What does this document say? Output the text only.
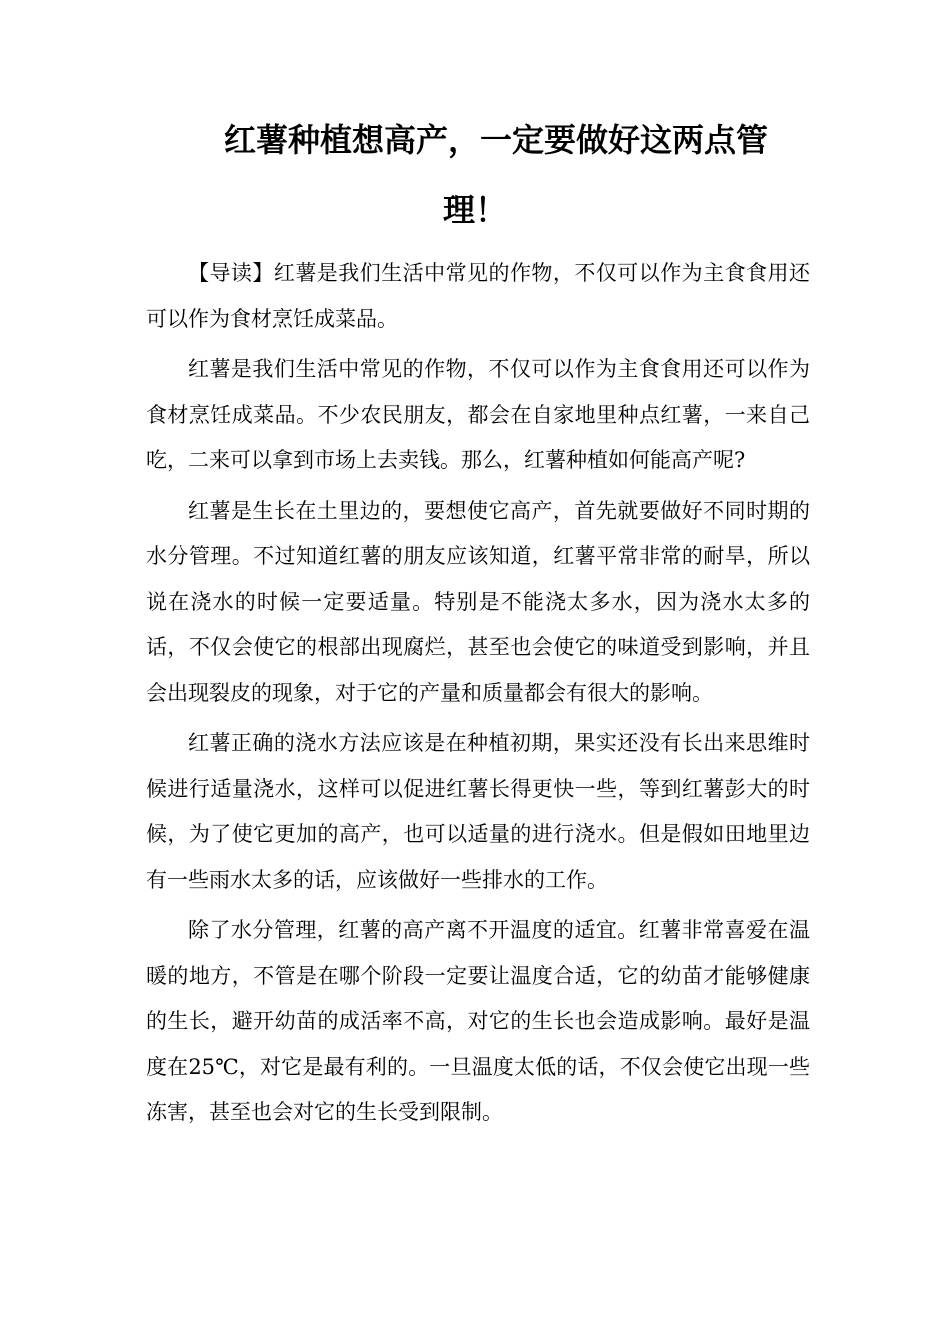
红薯种植想高产，一定要做好这两点管
理！

【导读】红薯是我们生活中常见的作物，不仅可以作为主食食用还可以作为食材烹饪成菜品。

红薯是我们生活中常见的作物，不仅可以作为主食食用还可以作为食材烹饪成菜品。不少农民朋友，都会在自家地里种点红薯，一来自己吃，二来可以拿到市场上去卖钱。那么，红薯种植如何能高产呢?

红薯是生长在土里边的，要想使它高产，首先就要做好不同时期的水分管理。不过知道红薯的朋友应该知道，红薯平常非常的耐旱，所以说在浇水的时候一定要适量。特别是不能浇太多水，因为浇水太多的话，不仅会使它的根部出现腐烂，甚至也会使它的味道受到影响，并且会出现裂皮的现象，对于它的产量和质量都会有很大的影响。

红薯正确的浇水方法应该是在种植初期，果实还没有长出来思维时候进行适量浇水，这样可以促进红薯长得更快一些，等到红薯彭大的时候，为了使它更加的高产，也可以适量的进行浇水。但是假如田地里边有一些雨水太多的话，应该做好一些排水的工作。

除了水分管理，红薯的高产离不开温度的适宜。红薯非常喜爱在温暖的地方，不管是在哪个阶段一定要让温度合适，它的幼苗才能够健康的生长，避开幼苗的成活率不高，对它的生长也会造成影响。最好是温度在25℃，对它是最有利的。一旦温度太低的话，不仅会使它出现一些冻害，甚至也会对它的生长受到限制。
